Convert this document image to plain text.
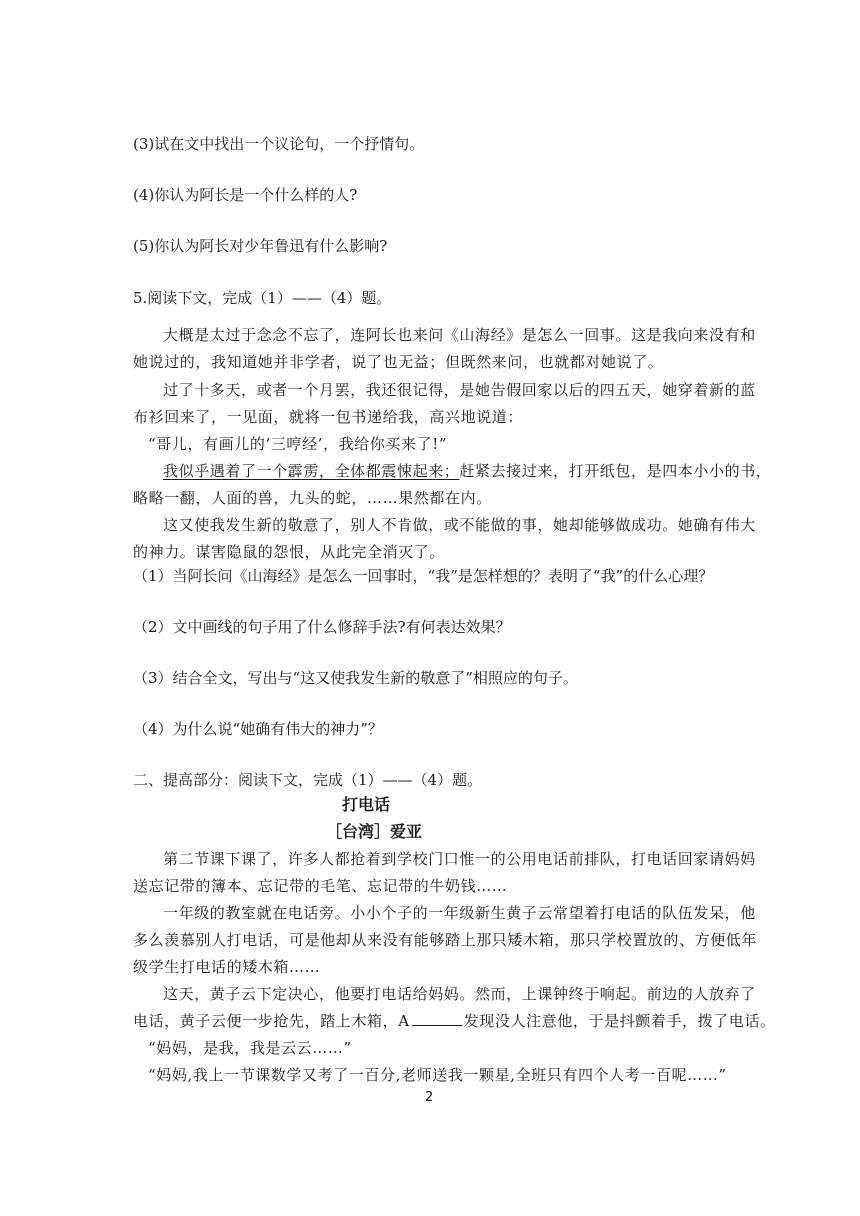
(3)试在文中找出一个议论句，一个抒情句。
(4)你认为阿长是一个什么样的人?
(5)你认为阿长对少年鲁迅有什么影响?
5.阅读下文，完成（1）——（4）题。
大概是太过于念念不忘了，连阿长也来问《山海经》是怎么一回事。这是我向来没有和
她说过的，我知道她并非学者，说了也无益；但既然来问，也就都对她说了。
过了十多天，或者一个月罢，我还很记得，是她告假回家以后的四五天，她穿着新的蓝
布衫回来了，一见面，就将一包书递给我，高兴地说道：
“哥儿，有画儿的‘三哼经’，我给你买来了!”
我似乎遇着了一个霹雳，全体都震悚起来；赶紧去接过来，打开纸包，是四本小小的书，
略略一翻，人面的兽，九头的蛇，……果然都在内。
这又使我发生新的敬意了，别人不肯做，或不能做的事，她却能够做成功。她确有伟大
的神力。谋害隐鼠的怨恨，从此完全消灭了。
（1）当阿长问《山海经》是怎么一回事时，“我”是怎样想的？表明了“我”的什么心理？
（2）文中画线的句子用了什么修辞手法?有何表达效果？
（3）结合全文，写出与“这又使我发生新的敬意了”相照应的句子。
（4）为什么说“她确有伟大的神力”？
二、提高部分：阅读下文，完成（1）——（4）题。
打电话
［台湾］爱亚
第二节课下课了，许多人都抢着到学校门口惟一的公用电话前排队，打电话回家请妈妈
送忘记带的簿本、忘记带的毛笔、忘记带的牛奶钱……
一年级的教室就在电话旁。小小个子的一年级新生黄子云常望着打电话的队伍发呆，他
多么羡慕别人打电话，可是他却从来没有能够踏上那只矮木箱，那只学校置放的、方便低年
级学生打电话的矮木箱……
这天，黄子云下定决心，他要打电话给妈妈。然而，上课钟终于响起。前边的人放弃了
电话，黄子云便一步抢先，踏上木箱，A	发现没人注意他，于是抖颤着手，拨了电话。
“妈妈，是我，我是云云……”
“妈妈,我上一节课数学又考了一百分,老师送我一颗星,全班只有四个人考一百呢……”
2
